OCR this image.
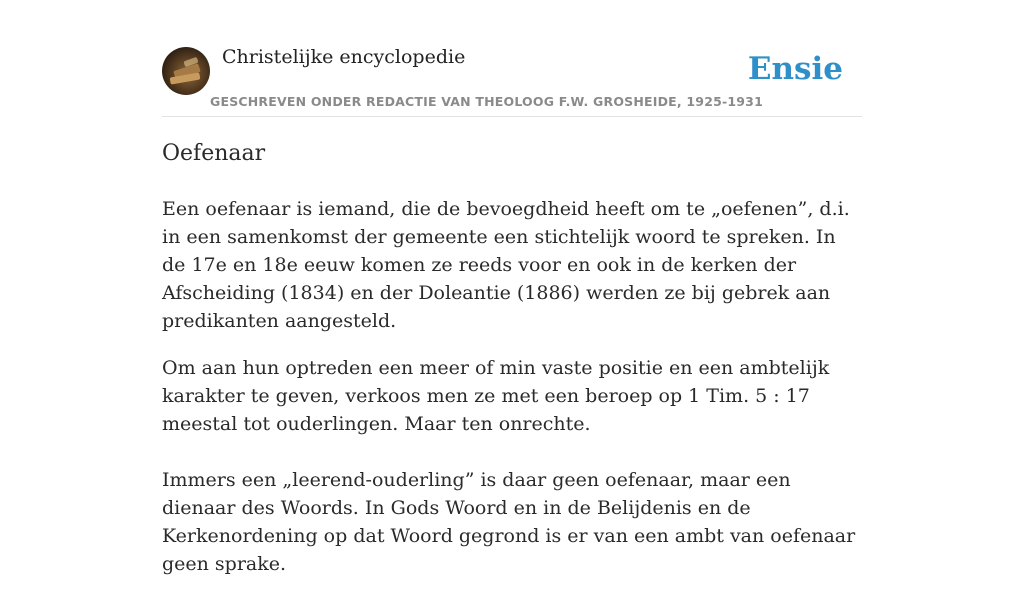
Christelijke encyclopedie
GESCHREVEN ONDER REDACTIE VAN THEOLOOG F.W. GROSHEIDE, 1925-1931
Ensie
Oefenaar

Een oefenaar is iemand, die de bevoegdheid heeft om te „oefenen”, d.i. in een samenkomst der gemeente een stichtelijk woord te spreken. In de 17e en 18e eeuw komen ze reeds voor en ook in de kerken der Afscheiding (1834) en der Doleantie (1886) werden ze bij gebrek aan predikanten aangesteld.

Om aan hun optreden een meer of min vaste positie en een ambtelijk karakter te geven, verkoos men ze met een beroep op 1 Tim. 5 : 17 meestal tot ouderlingen. Maar ten onrechte.

Immers een „leerend-ouderling” is daar geen oefenaar, maar een dienaar des Woords. In Gods Woord en in de Belijdenis en de Kerkenordening op dat Woord gegrond is er van een ambt van oefenaar geen sprake.
